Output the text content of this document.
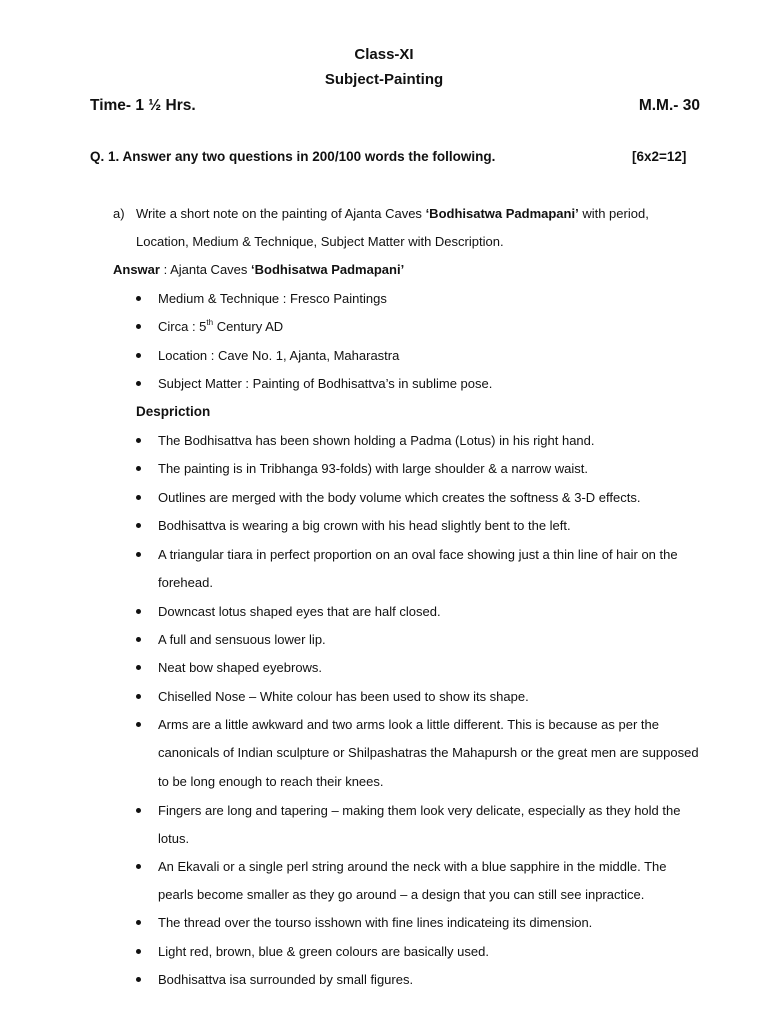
Class-XI
Subject-Painting
Time- 1 ½ Hrs.	M.M.- 30
Q. 1. Answer any two questions in 200/100 words the following.	[6x2=12]
a) Write a short note on the painting of Ajanta Caves ‘Bodhisatwa Padmapani’ with period,
Location, Medium & Technique, Subject Matter with Description.
Answar : Ajanta Caves ‘Bodhisatwa Padmapani’
Medium & Technique : Fresco Paintings
Circa : 5th Century AD
Location : Cave No. 1, Ajanta, Maharastra
Subject Matter : Painting of Bodhisattva’s in sublime pose.
Despriction
The Bodhisattva has been shown holding a Padma (Lotus) in his right hand.
The painting is in Tribhanga 93-folds) with large shoulder & a narrow waist.
Outlines are merged with the body volume which creates the softness & 3-D effects.
Bodhisattva is wearing a big crown with his head slightly bent to the left.
A triangular tiara in perfect proportion on an oval face showing just a thin line of hair on the forehead.
Downcast lotus shaped eyes that are half closed.
A full and sensuous lower lip.
Neat bow shaped eyebrows.
Chiselled Nose – White colour has been used to show its shape.
Arms are a little awkward and two arms look a little different. This is because as per the canonicals of Indian sculpture or Shilpashatras the Mahapursh or the great men are supposed to be long enough to reach their knees.
Fingers are long and tapering – making them look very delicate, especially as they hold the lotus.
An Ekavali or a single perl string around the neck with a blue sapphire in the middle. The pearls become smaller as they go around – a design that you can still see inpractice.
The thread over the tourso isshown with fine lines indicateing its dimension.
Light red, brown, blue & green colours are basically used.
Bodhisattva isa surrounded by small figures.
